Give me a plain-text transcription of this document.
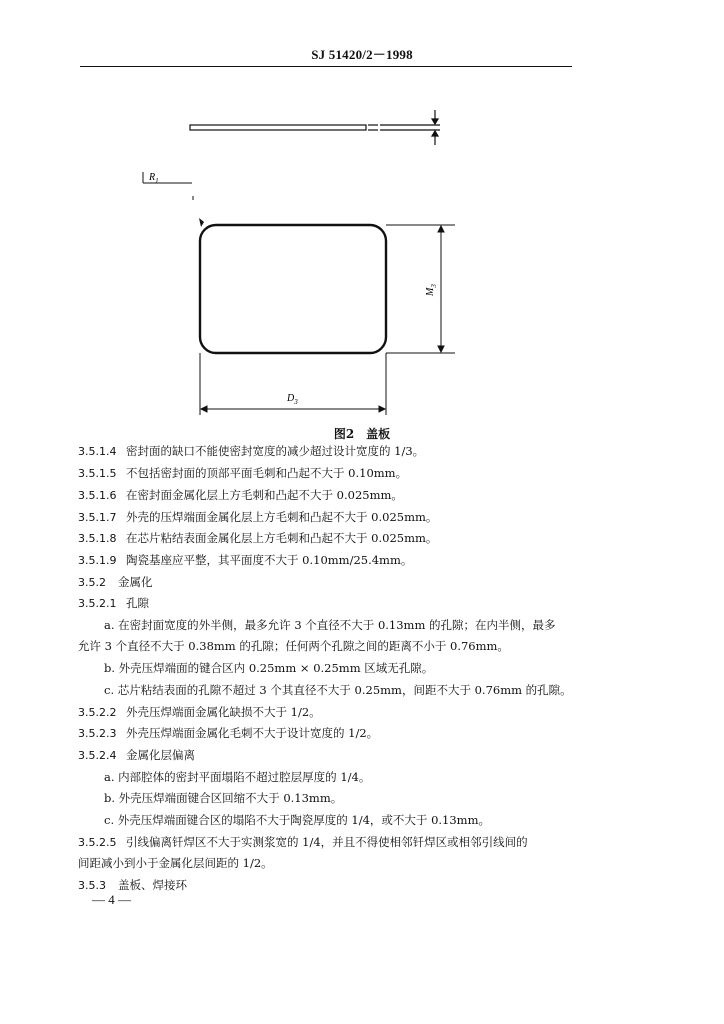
SJ 51420/2－1998
$R_1$
$M_3$
$D_3$
图2　盖板
3.5.1.4 密封面的缺口不能使密封宽度的减少超过设计宽度的 1/3。
3.5.1.5 不包括密封面的顶部平面毛刺和凸起不大于 0.10mm。
3.5.1.6 在密封面金属化层上方毛刺和凸起不大于 0.025mm。
3.5.1.7 外壳的压焊端面金属化层上方毛刺和凸起不大于 0.025mm。
3.5.1.8 在芯片粘结表面金属化层上方毛刺和凸起不大于 0.025mm。
3.5.1.9 陶瓷基座应平整，其平面度不大于 0.10mm/25.4mm。
3.5.2 金属化
3.5.2.1 孔隙
a. 在密封面宽度的外半侧，最多允许 3 个直径不大于 0.13mm 的孔隙；在内半侧，最多
允许 3 个直径不大于 0.38mm 的孔隙；任何两个孔隙之间的距离不小于 0.76mm。
b. 外壳压焊端面的键合区内 0.25mm × 0.25mm 区域无孔隙。
c. 芯片粘结表面的孔隙不超过 3 个其直径不大于 0.25mm，间距不大于 0.76mm 的孔隙。
3.5.2.2 外壳压焊端面金属化缺损不大于 1/2。
3.5.2.3 外壳压焊端面金属化毛刺不大于设计宽度的 1/2。
3.5.2.4 金属化层偏离
a. 内部腔体的密封平面塌陷不超过腔层厚度的 1/4。
b. 外壳压焊端面键合区回缩不大于 0.13mm。
c. 外壳压焊端面键合区的塌陷不大于陶瓷厚度的 1/4，或不大于 0.13mm。
3.5.2.5 引线偏离钎焊区不大于实测浆宽的 1/4，并且不得使相邻钎焊区或相邻引线间的
间距减小到小于金属化层间距的 1/2。
3.5.3 盖板、焊接环
— 4 —
